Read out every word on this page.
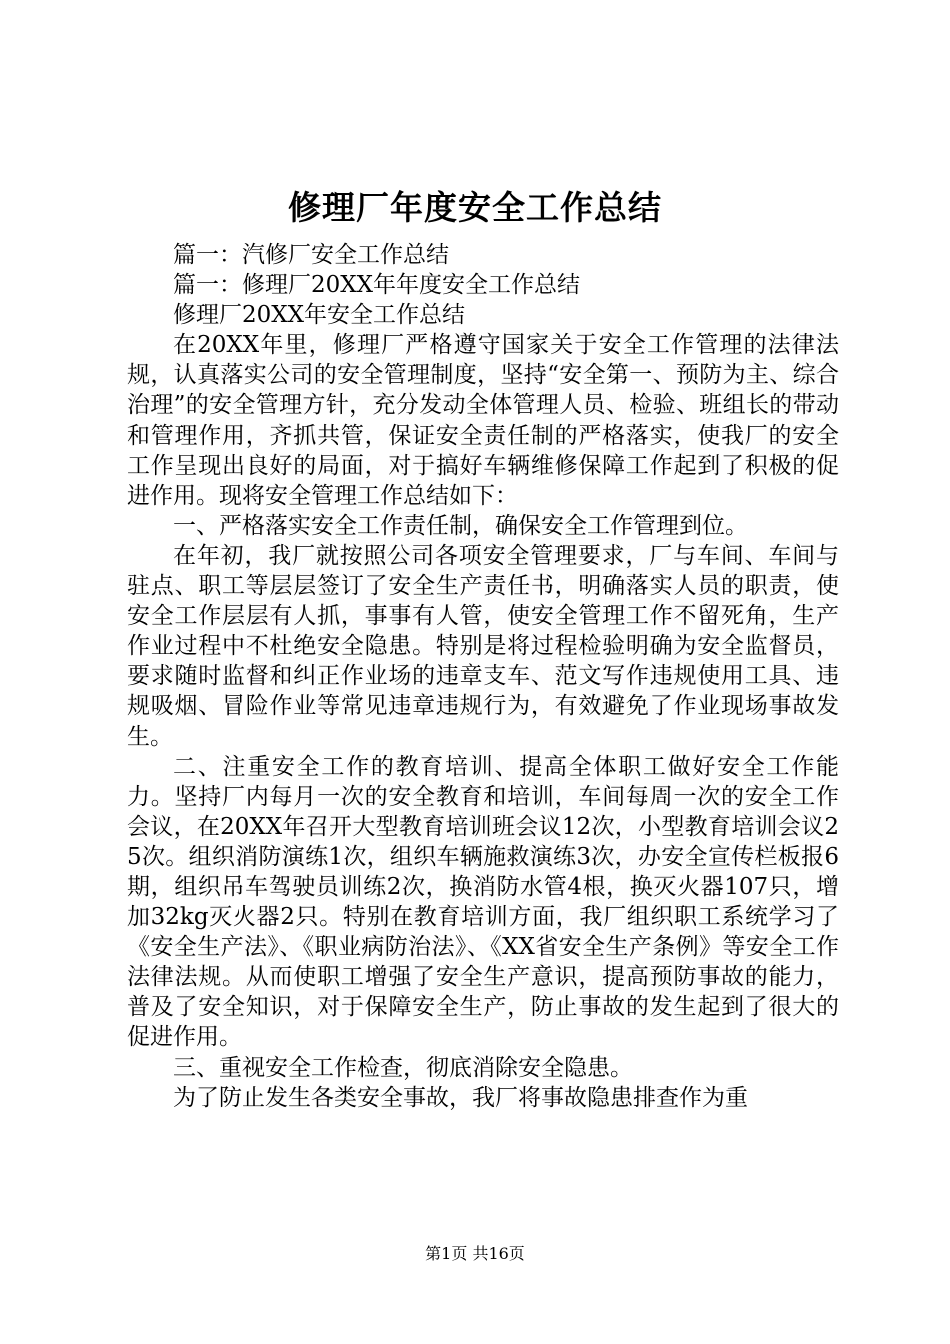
修理厂年度安全工作总结

篇一：汽修厂安全工作总结

篇一：修理厂20XX年年度安全工作总结

修理厂20XX年安全工作总结

在20XX年里，修理厂严格遵守国家关于安全工作管理的法律法规，认真落实公司的安全管理制度，坚持“安全第一、预防为主、综合治理”的安全管理方针，充分发动全体管理人员、检验、班组长的带动和管理作用，齐抓共管，保证安全责任制的严格落实，使我厂的安全工作呈现出良好的局面，对于搞好车辆维修保障工作起到了积极的促进作用。现将安全管理工作总结如下：

一、严格落实安全工作责任制，确保安全工作管理到位。

在年初，我厂就按照公司各项安全管理要求，厂与车间、车间与驻点、职工等层层签订了安全生产责任书，明确落实人员的职责，使安全工作层层有人抓，事事有人管，使安全管理工作不留死角，生产作业过程中不杜绝安全隐患。特别是将过程检验明确为安全监督员，要求随时监督和纠正作业场的违章支车、范文写作违规使用工具、违规吸烟、冒险作业等常见违章违规行为，有效避免了作业现场事故发生。

二、注重安全工作的教育培训、提高全体职工做好安全工作能力。坚持厂内每月一次的安全教育和培训，车间每周一次的安全工作会议，在20XX年召开大型教育培训班会议12次，小型教育培训会议25次。组织消防演练1次，组织车辆施救演练3次，办安全宣传栏板报6期，组织吊车驾驶员训练2次，换消防水管4根，换灭火器107只，增加32kg灭火器2只。特别在教育培训方面，我厂组织职工系统学习了《安全生产法》、《职业病防治法》、《XX省安全生产条例》等安全工作法律法规。从而使职工增强了安全生产意识，提高预防事故的能力，普及了安全知识，对于保障安全生产，防止事故的发生起到了很大的促进作用。

三、重视安全工作检查，彻底消除安全隐患。

为了防止发生各类安全事故，我厂将事故隐患排查作为重

第1页 共16页
